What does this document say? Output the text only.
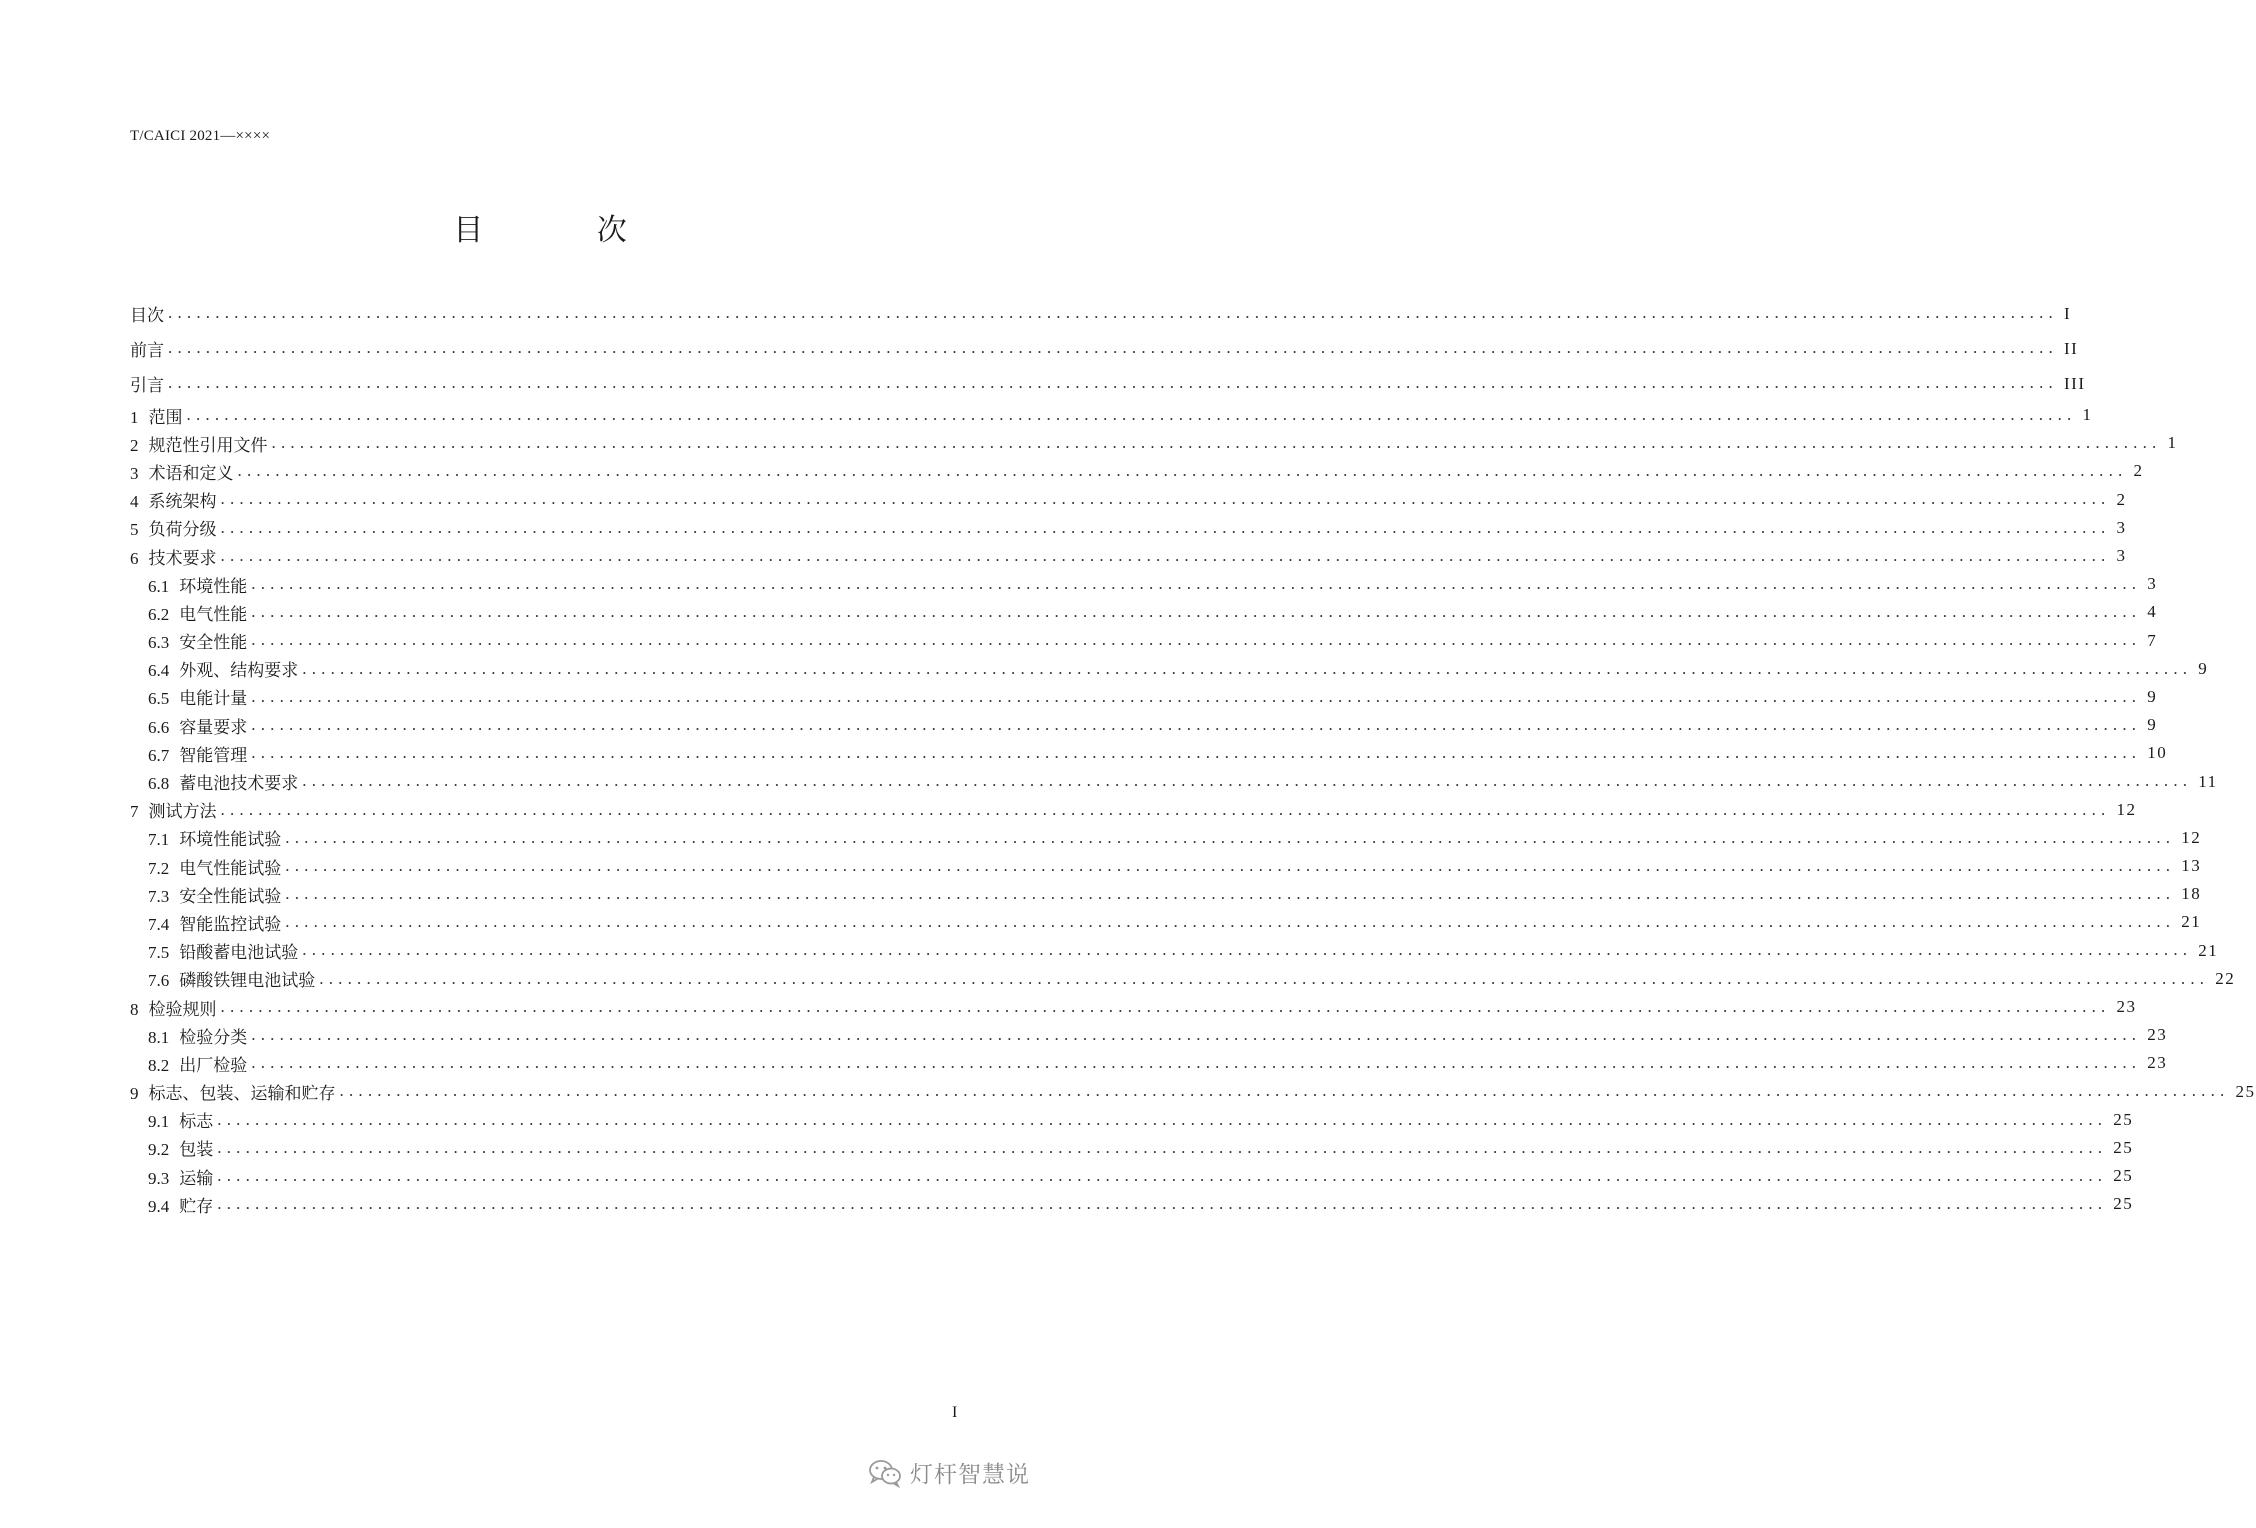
T/CAICI 2021—××××
目 次
目次 ........................................................................................................................................................................................................ I
前言 ........................................................................................................................................................................................................ II
引言 ........................................................................................................................................................................................................ III
1 范围 ........................................................................................................................................................................................................ 1
2 规范性引用文件 ........................................................................................................................................................................................................ 1
3 术语和定义 ........................................................................................................................................................................................................ 2
4 系统架构 ........................................................................................................................................................................................................ 2
5 负荷分级 ........................................................................................................................................................................................................ 3
6 技术要求 ........................................................................................................................................................................................................ 3
6.1 环境性能 ........................................................................................................................................................................................................ 3
6.2 电气性能 ........................................................................................................................................................................................................ 4
6.3 安全性能 ........................................................................................................................................................................................................ 7
6.4 外观、结构要求 ........................................................................................................................................................................................................ 9
6.5 电能计量 ........................................................................................................................................................................................................ 9
6.6 容量要求 ........................................................................................................................................................................................................ 9
6.7 智能管理 ........................................................................................................................................................................................................ 10
6.8 蓄电池技术要求 ........................................................................................................................................................................................................ 11
7 测试方法 ........................................................................................................................................................................................................ 12
7.1 环境性能试验 ........................................................................................................................................................................................................ 12
7.2 电气性能试验 ........................................................................................................................................................................................................ 13
7.3 安全性能试验 ........................................................................................................................................................................................................ 18
7.4 智能监控试验 ........................................................................................................................................................................................................ 21
7.5 铅酸蓄电池试验 ........................................................................................................................................................................................................ 21
7.6 磷酸铁锂电池试验 ........................................................................................................................................................................................................ 22
8 检验规则 ........................................................................................................................................................................................................ 23
8.1 检验分类 ........................................................................................................................................................................................................ 23
8.2 出厂检验 ........................................................................................................................................................................................................ 23
9 标志、包装、运输和贮存 ........................................................................................................................................................................................................ 25
9.1 标志 ........................................................................................................................................................................................................ 25
9.2 包装 ........................................................................................................................................................................................................ 25
9.3 运输 ........................................................................................................................................................................................................ 25
9.4 贮存 ........................................................................................................................................................................................................ 25
I
灯杆智慧说
